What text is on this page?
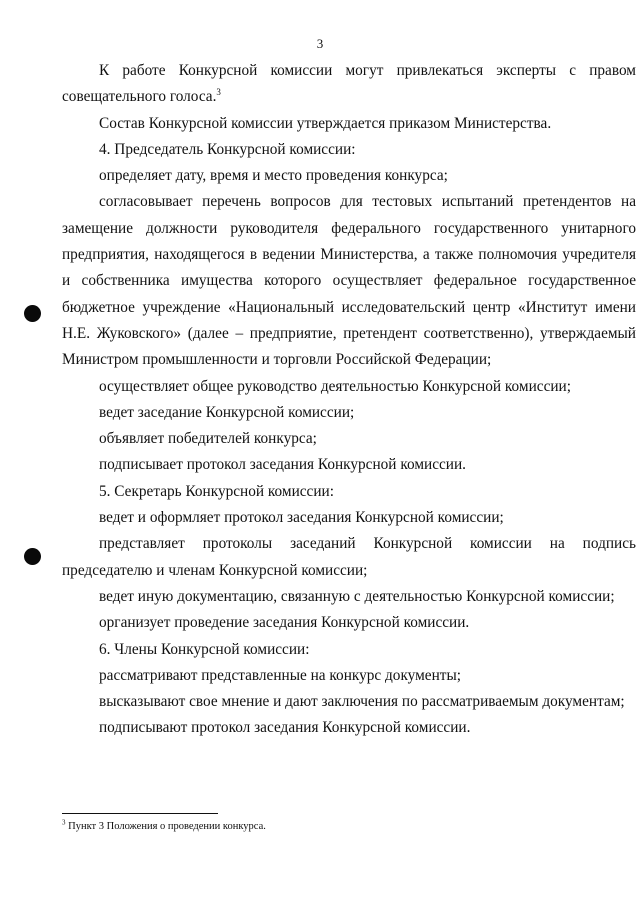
3

К работе Конкурсной комиссии могут привлекаться эксперты с правом совещательного голоса.$^3$

Состав Конкурсной комиссии утверждается приказом Министерства.

4. Председатель Конкурсной комиссии:

определяет дату, время и место проведения конкурса;

согласовывает перечень вопросов для тестовых испытаний претендентов на замещение должности руководителя федерального государственного унитарного предприятия, находящегося в ведении Министерства, а также полномочия учредителя и собственника имущества которого осуществляет федеральное государственное бюджетное учреждение «Национальный исследовательский центр «Институт имени Н.Е. Жуковского» (далее – предприятие, претендент соответственно), утверждаемый Министром промышленности и торговли Российской Федерации;

осуществляет общее руководство деятельностью Конкурсной комиссии;

ведет заседание Конкурсной комиссии;

объявляет победителей конкурса;

подписывает протокол заседания Конкурсной комиссии.

5. Секретарь Конкурсной комиссии:

ведет и оформляет протокол заседания Конкурсной комиссии;

представляет протоколы заседаний Конкурсной комиссии на подпись председателю и членам Конкурсной комиссии;

ведет иную документацию, связанную с деятельностью Конкурсной комиссии;

организует проведение заседания Конкурсной комиссии.

6. Члены Конкурсной комиссии:

рассматривают представленные на конкурс документы;

высказывают свое мнение и дают заключения по рассматриваемым документам;

подписывают протокол заседания Конкурсной комиссии.

$^3$ Пункт 3 Положения о проведении конкурса.
